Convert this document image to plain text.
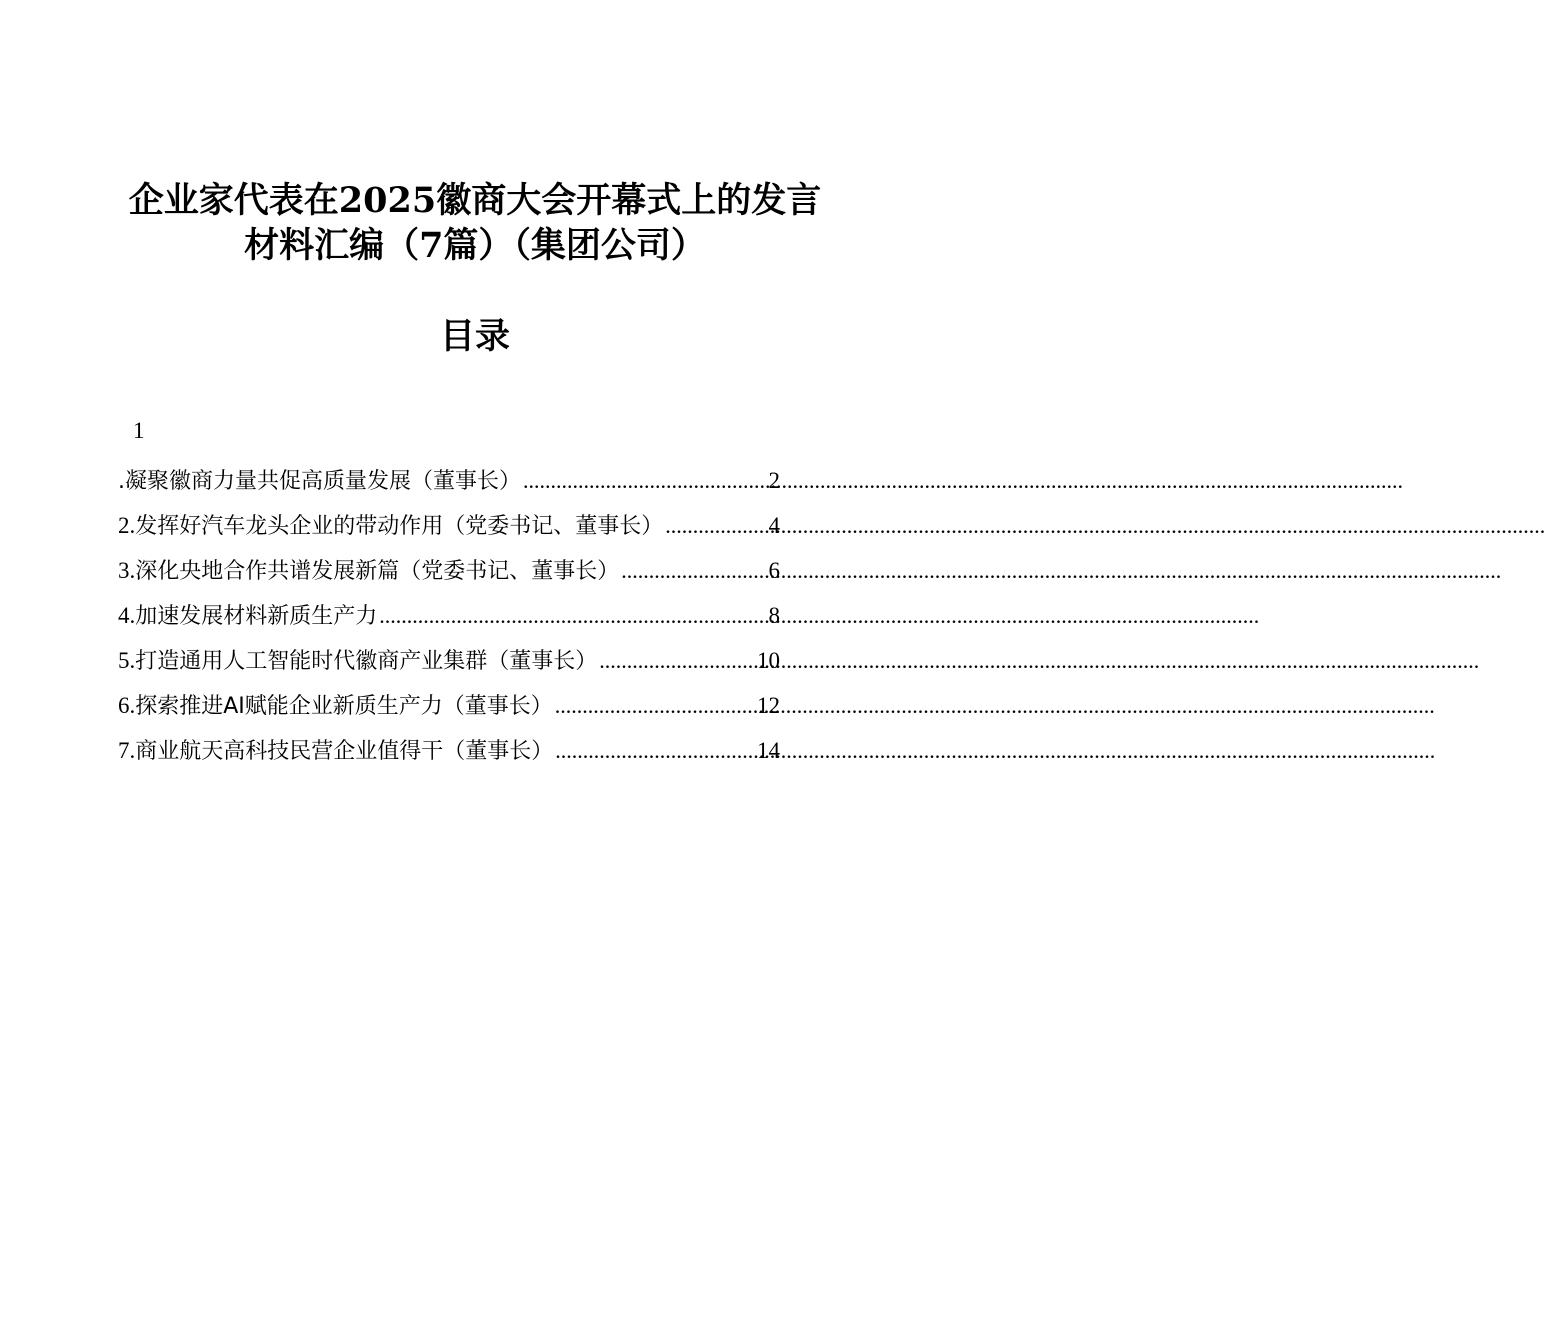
企业家代表在2025徽商大会开幕式上的发言
材料汇编（7篇）（集团公司）
目录
1
.凝聚徽商力量共促高质量发展（董事长） .....	2
2. 发挥好汽车龙头企业的带动作用（党委书记、董事长） .....	4
3. 深化央地合作共谱发展新篇（党委书记、董事长） .....	6
4. 加速发展材料新质生产力 .....	8
5. 打造通用人工智能时代徽商产业集群（董事长） .....	10
6. 探索推进AI赋能企业新质生产力（董事长） .....	12
7. 商业航天高科技民营企业值得干（董事长） .....	14
